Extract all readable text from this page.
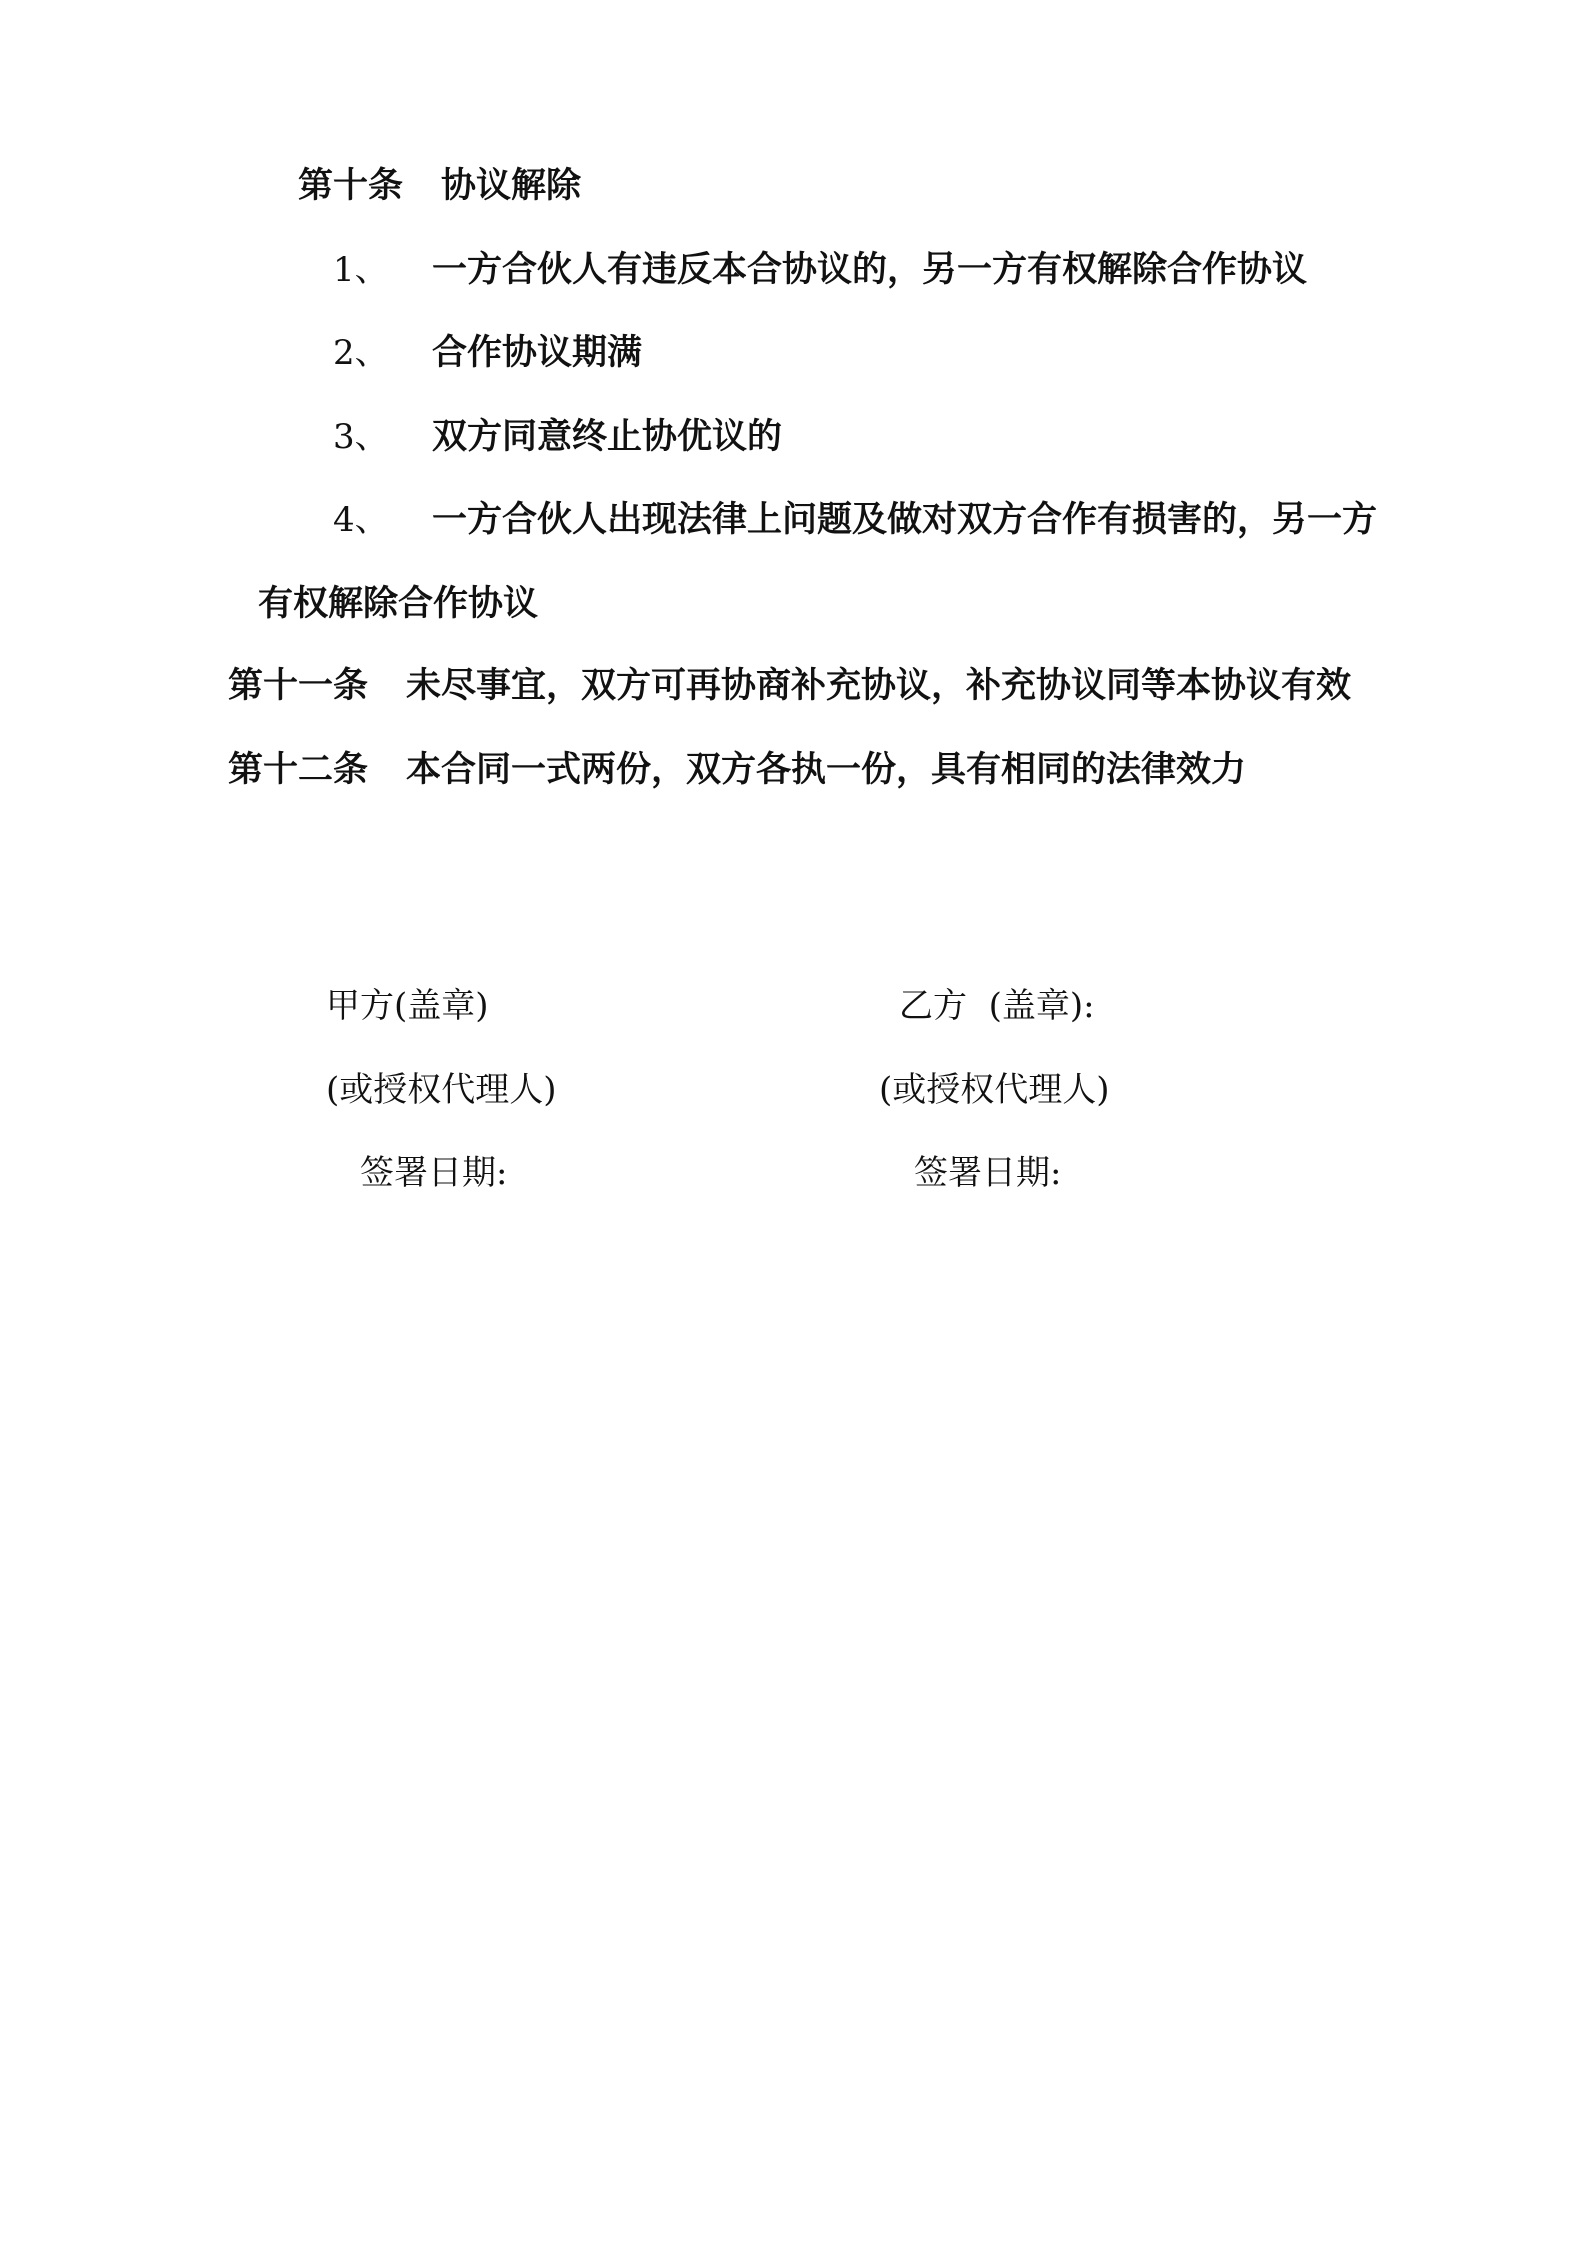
第十条 协议解除
1、 一方合伙人有违反本合协议的，另一方有权解除合作协议
2、 合作协议期满
3、 双方同意终止协优议的
4、 一方合伙人出现法律上问题及做对双方合作有损害的，另一方
有权解除合作协议
第十一条 未尽事宜，双方可再协商补充协议，补充协议同等本协议有效
第十二条 本合同一式两份，双方各执一份，具有相同的法律效力
甲方(盖章)
(或授权代理人)
签署日期:
乙方  (盖章):
(或授权代理人)
签署日期:
